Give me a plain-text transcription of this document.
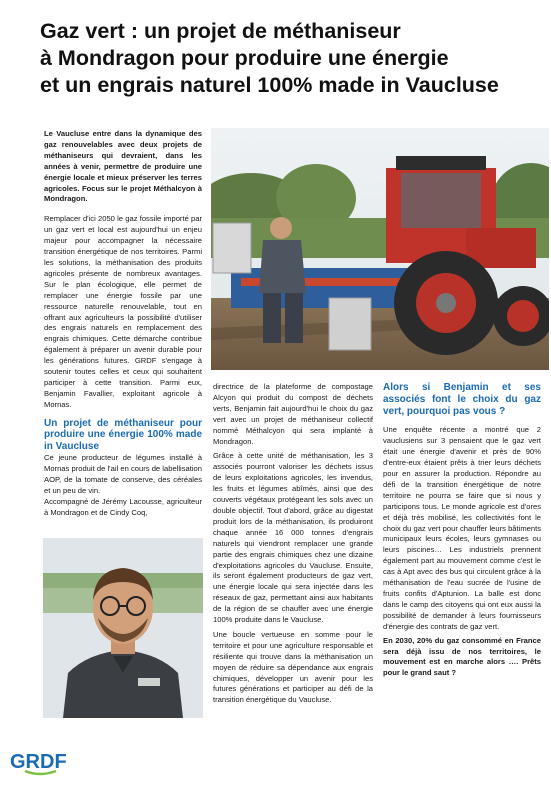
Gaz vert : un projet de méthaniseur
à Mondragon pour produire une énergie
et un engrais naturel 100% made in Vaucluse

Le Vaucluse entre dans la dynamique des gaz renouvelables avec deux projets de méthaniseurs qui devraient, dans les années à venir, permettre de produire une énergie locale et mieux préserver les terres agricoles. Focus sur le projet Méthalcyon à Mondragon.

Remplacer d'ici 2050 le gaz fossile importé par un gaz vert et local est aujourd'hui un enjeu majeur pour accompagner la nécessaire transition énergétique de nos territoires. Parmi les solutions, la méthanisation des produits agricoles présente de nombreux avantages. Sur le plan écologique, elle permet de remplacer une énergie fossile par une ressource naturelle renouvelable, tout en offrant aux agriculteurs la possibilité d'utiliser des engrais naturels en remplacement des engrais chimiques. Cette démarche contribue également à préparer un avenir durable pour les générations futures. GRDF s'engage à soutenir toutes celles et ceux qui souhaitent participer à cette transition. Parmi eux, Benjamin Favallier, exploitant agricole à Mornas.

Un projet de méthaniseur pour produire une énergie 100% made in Vaucluse

Ce jeune producteur de légumes installé à Mornas produit de l'ail en cours de labellisation AOP, de la tomate de conserve, des céréales et un peu de vin.

Accompagné de Jérémy Lacousse, agriculteur à Mondragon et de Cindy Coq,

directrice de la plateforme de compostage Alcyon qui produit du compost de déchets verts, Benjamin fait aujourd'hui le choix du gaz vert avec un projet de méthaniseur collectif nommé Méthalcyon qui sera implanté à Mondragon.

Grâce à cette unité de méthanisation, les 3 associés pourront valoriser les déchets issus de leurs exploitations agricoles, les invendus, les fruits et légumes abîmés, ainsi que des couverts végétaux protégeant les sols avec un double objectif. Tout d'abord, grâce au digestat produit lors de la méthanisation, ils produiront chaque année 16 000 tonnes d'engrais naturels qui viendront remplacer une grande partie des engrais chimiques chez une dizaine d'exploitations agricoles du Vaucluse. Ensuite, ils seront également producteurs de gaz vert, une énergie locale qui sera injectée dans les réseaux de gaz, permettant ainsi aux habitants de la région de se chauffer avec une énergie 100% produite dans le Vaucluse.

Une boucle vertueuse en somme pour le territoire et pour une agriculture responsable et résiliente qui trouve dans la méthanisation un moyen de réduire sa dépendance aux engrais chimiques, développer un avenir pour les futures générations et participer au défi de la transition énergétique du Vaucluse.

Alors si Benjamin et ses associés font le choix du gaz vert, pourquoi pas vous ?

Une enquête récente a montré que 2 vauclusiens sur 3 pensaient que le gaz vert était une énergie d'avenir et près de 90% d'entre-eux étaient prêts à trier leurs déchets pour en assurer la production. Répondre au défi de la transition énergétique de notre territoire ne pourra se faire que si nous y participons tous. Le monde agricole est d'ores et déjà très mobilisé, les collectivités font le choix du gaz vert pour chauffer leurs bâtiments municipaux leurs écoles, leurs gymnases ou leurs piscines… Les industriels prennent également part au mouvement comme c'est le cas à Apt avec des bus qui circulent grâce à la méthanisation de l'eau sucrée de l'usine de fruits confits d'Aptunion. La balle est donc dans le camp des citoyens qui ont eux aussi la possibilité de demander à leurs fournisseurs d'énergie des contrats de gaz vert.

En 2030, 20% du gaz consommé en France sera déjà issu de nos territoires, le mouvement est en marche alors …. Prêts pour le grand saut ?

GRDF
